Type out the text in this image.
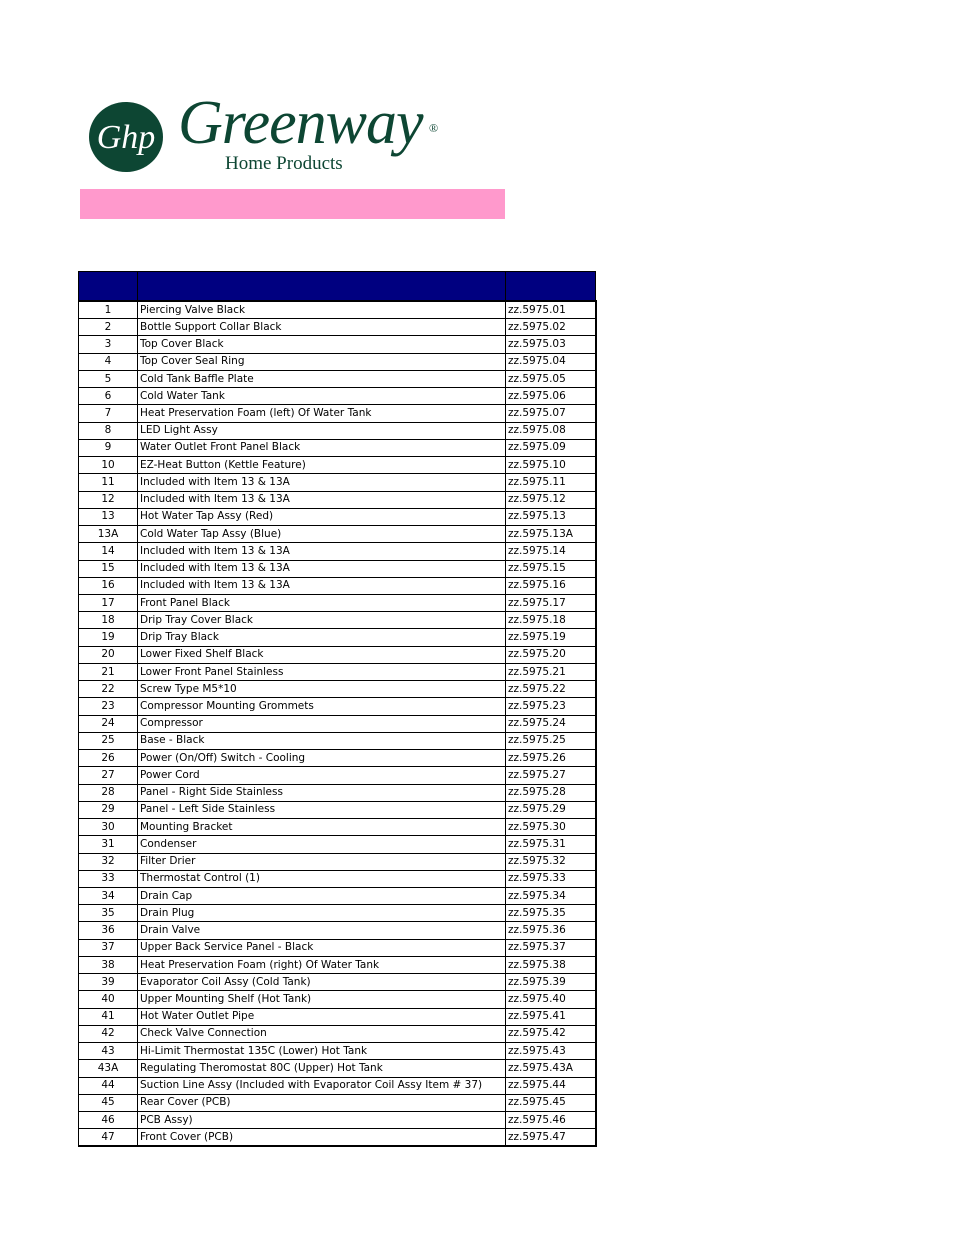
Ghp Greenway ®
Home Products

1	Piercing Valve Black	zz.5975.01
2	Bottle Support Collar Black	zz.5975.02
3	Top Cover Black	zz.5975.03
4	Top Cover Seal Ring	zz.5975.04
5	Cold Tank Baffle Plate	zz.5975.05
6	Cold Water Tank	zz.5975.06
7	Heat Preservation Foam (left) Of Water Tank	zz.5975.07
8	LED Light Assy	zz.5975.08
9	Water Outlet Front Panel Black	zz.5975.09
10	EZ-Heat Button (Kettle Feature)	zz.5975.10
11	Included with Item 13 & 13A	zz.5975.11
12	Included with Item 13 & 13A	zz.5975.12
13	Hot Water Tap Assy (Red)	zz.5975.13
13A	Cold Water Tap Assy (Blue)	zz.5975.13A
14	Included with Item 13 & 13A	zz.5975.14
15	Included with Item 13 & 13A	zz.5975.15
16	Included with Item 13 & 13A	zz.5975.16
17	Front Panel Black	zz.5975.17
18	Drip Tray Cover Black	zz.5975.18
19	Drip Tray Black	zz.5975.19
20	Lower Fixed Shelf Black	zz.5975.20
21	Lower Front Panel Stainless	zz.5975.21
22	Screw Type M5*10	zz.5975.22
23	Compressor Mounting Grommets	zz.5975.23
24	Compressor	zz.5975.24
25	Base - Black	zz.5975.25
26	Power (On/Off) Switch - Cooling	zz.5975.26
27	Power Cord	zz.5975.27
28	Panel - Right Side Stainless	zz.5975.28
29	Panel - Left Side Stainless	zz.5975.29
30	Mounting Bracket	zz.5975.30
31	Condenser	zz.5975.31
32	Filter Drier	zz.5975.32
33	Thermostat Control (1)	zz.5975.33
34	Drain Cap	zz.5975.34
35	Drain Plug	zz.5975.35
36	Drain Valve	zz.5975.36
37	Upper Back Service Panel - Black	zz.5975.37
38	Heat Preservation Foam (right) Of Water Tank	zz.5975.38
39	Evaporator Coil Assy (Cold Tank)	zz.5975.39
40	Upper Mounting Shelf (Hot Tank)	zz.5975.40
41	Hot Water Outlet Pipe	zz.5975.41
42	Check Valve Connection	zz.5975.42
43	Hi-Limit Thermostat 135C (Lower) Hot Tank	zz.5975.43
43A	Regulating Theromostat 80C (Upper) Hot Tank	zz.5975.43A
44	Suction Line Assy (Included with Evaporator Coil Assy Item # 37)	zz.5975.44
45	Rear Cover (PCB)	zz.5975.45
46	PCB Assy)	zz.5975.46
47	Front Cover (PCB)	zz.5975.47
